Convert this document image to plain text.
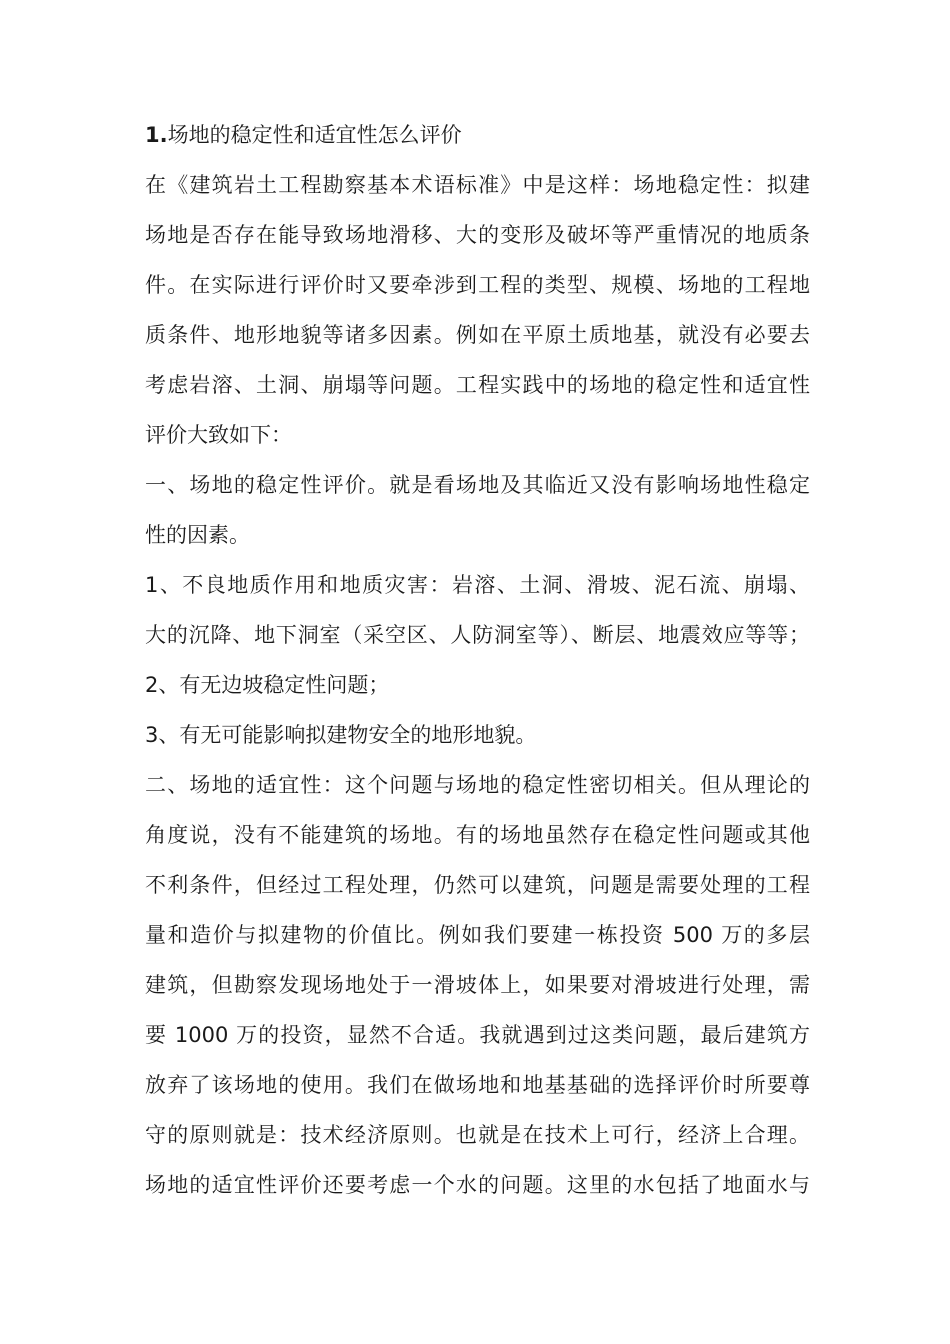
1.场地的稳定性和适宜性怎么评价
在《建筑岩土工程勘察基本术语标准》中是这样：场地稳定性：拟建
场地是否存在能导致场地滑移、大的变形及破坏等严重情况的地质条
件。在实际进行评价时又要牵涉到工程的类型、规模、场地的工程地
质条件、地形地貌等诸多因素。例如在平原土质地基，就没有必要去
考虑岩溶、土洞、崩塌等问题。工程实践中的场地的稳定性和适宜性
评价大致如下：
一、场地的稳定性评价。就是看场地及其临近又没有影响场地性稳定
性的因素。
1、不良地质作用和地质灾害：岩溶、土洞、滑坡、泥石流、崩塌、
大的沉降、地下洞室（采空区、人防洞室等）、断层、地震效应等等；
2、有无边坡稳定性问题；
3、有无可能影响拟建物安全的地形地貌。
二、场地的适宜性：这个问题与场地的稳定性密切相关。但从理论的
角度说，没有不能建筑的场地。有的场地虽然存在稳定性问题或其他
不利条件，但经过工程处理，仍然可以建筑，问题是需要处理的工程
量和造价与拟建物的价值比。例如我们要建一栋投资 500 万的多层
建筑，但勘察发现场地处于一滑坡体上，如果要对滑坡进行处理，需
要 1000 万的投资，显然不合适。我就遇到过这类问题，最后建筑方
放弃了该场地的使用。我们在做场地和地基基础的选择评价时所要尊
守的原则就是：技术经济原则。也就是在技术上可行，经济上合理。
场地的适宜性评价还要考虑一个水的问题。这里的水包括了地面水与
